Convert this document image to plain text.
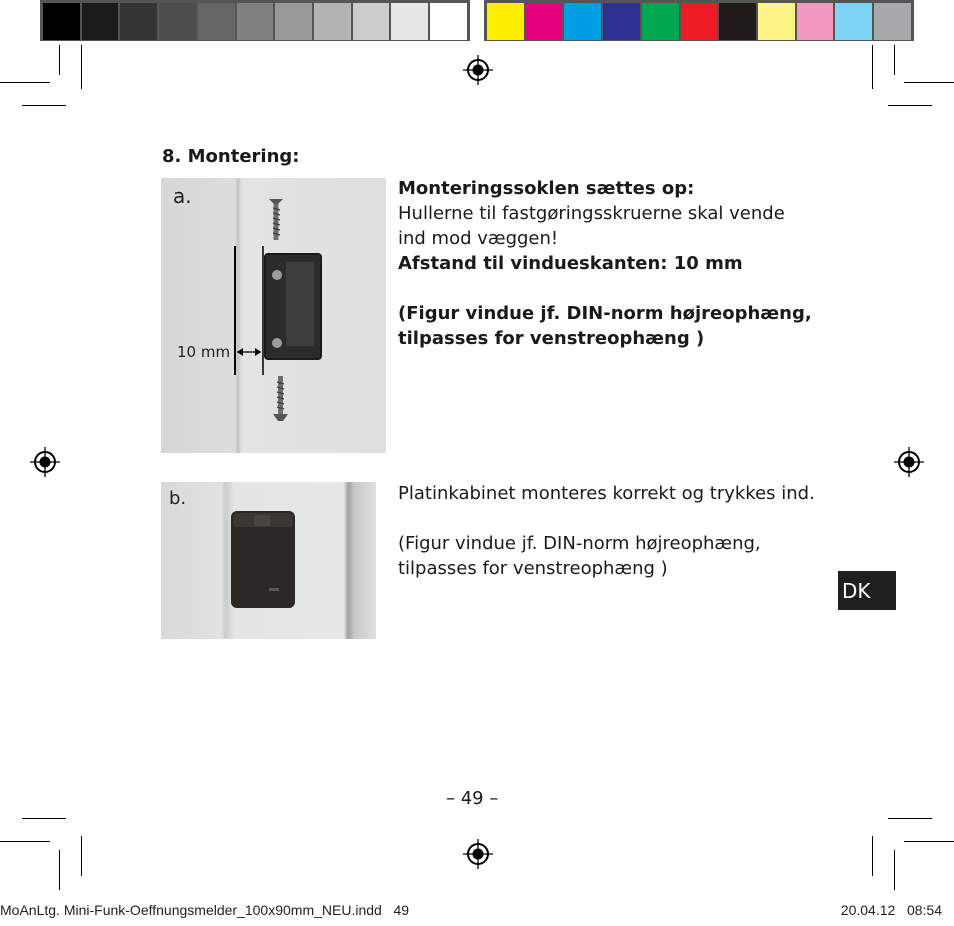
8. Montering:
a.
10 mm
Monteringssoklen sættes op:
Hullerne til fastgøringsskruerne skal vende
ind mod væggen!
Afstand til vindueskanten: 10 mm
(Figur vindue jf. DIN-norm højreophæng,
tilpasses for venstreophæng )
b.	Platinkabinet monteres korrekt og trykkes ind.
(Figur vindue jf. DIN-norm højreophæng,
tilpasses for venstreophæng )
DK
– 49 –
MoAnLtg. Mini-Funk-Oeffnungsmelder_100x90mm_NEU.indd   49	20.04.12   08:54
